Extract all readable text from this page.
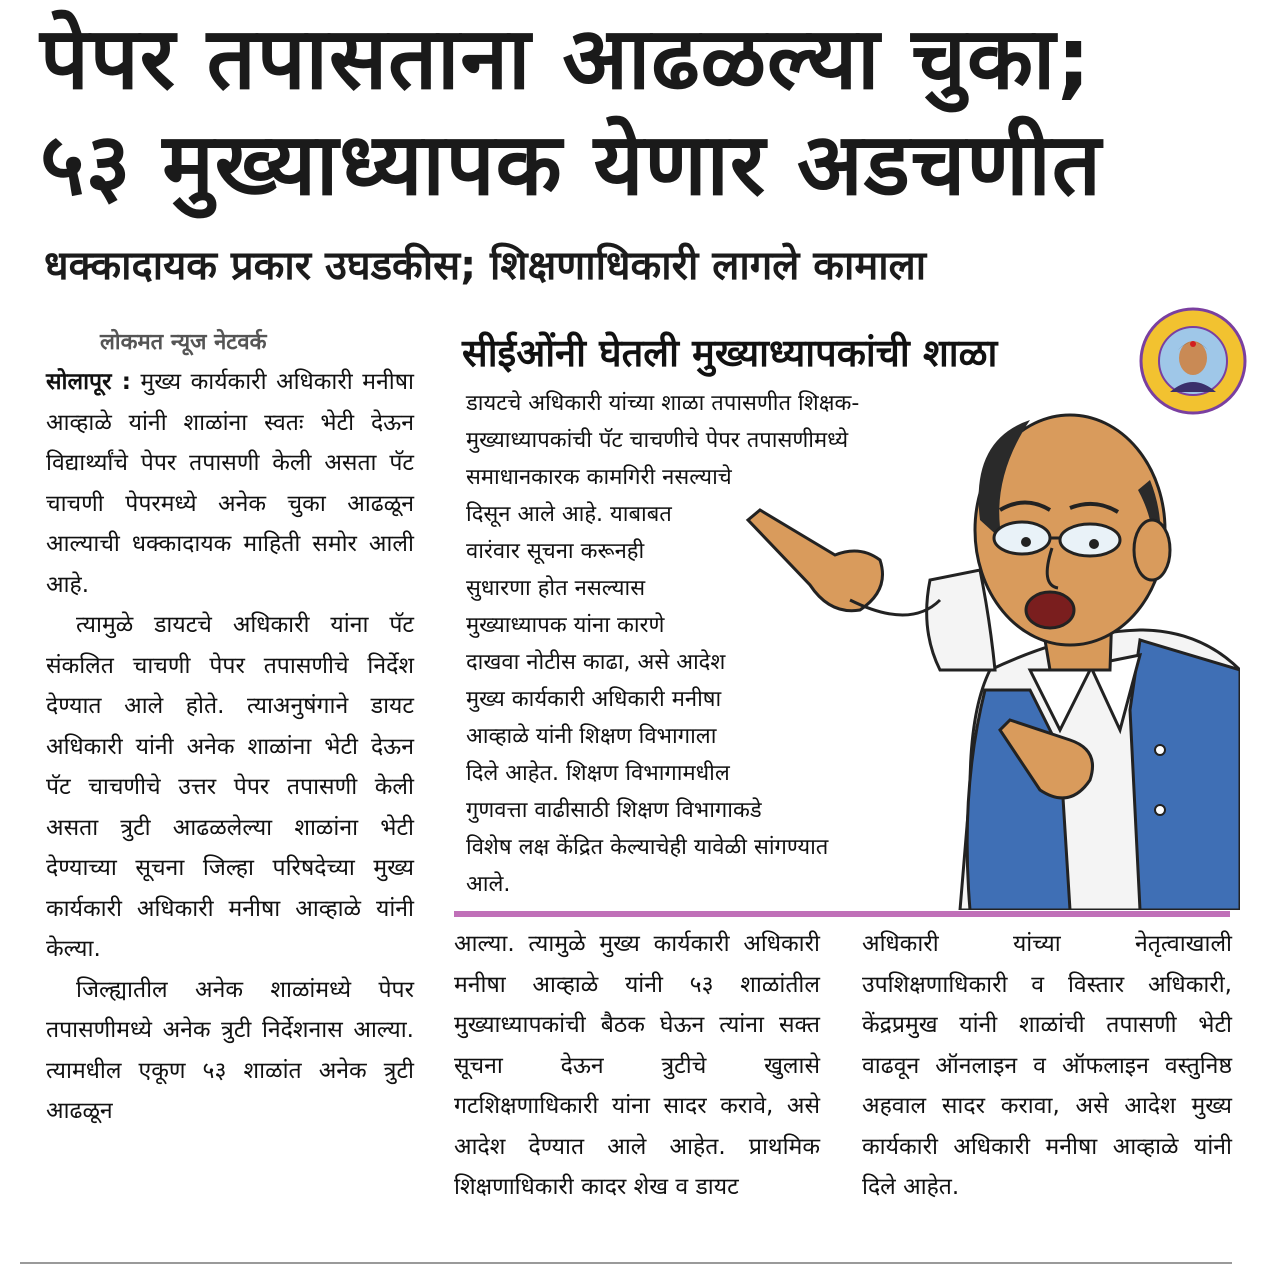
पेपर तपासताना आढळल्या चुका;
५३ मुख्याध्यापक येणार अडचणीत
धक्कादायक प्रकार उघडकीस; शिक्षणाधिकारी लागले कामाला
लोकमत न्यूज नेटवर्क

सोलापूर : मुख्य कार्यकारी अधिकारी मनीषा आव्हाळे यांनी शाळांना स्वतः भेटी देऊन विद्यार्थ्यांचे पेपर तपासणी केली असता पॅट चाचणी पेपरमध्ये अनेक चुका आढळून आल्याची धक्कादायक माहिती समोर आली आहे.

त्यामुळे डायटचे अधिकारी यांना पॅट संकलित चाचणी पेपर तपासणीचे निर्देश देण्यात आले होते. त्याअनुषंगाने डायट अधिकारी यांनी अनेक शाळांना भेटी देऊन पॅट चाचणीचे उत्तर पेपर तपासणी केली असता त्रुटी आढळलेल्या शाळांना भेटी देण्याच्या सूचना जिल्हा परिषदेच्या मुख्य कार्यकारी अधिकारी मनीषा आव्हाळे यांनी केल्या.

जिल्ह्यातील अनेक शाळांमध्ये पेपर तपासणीमध्ये अनेक त्रुटी निर्देशनास आल्या. त्यामधील एकूण ५३ शाळांत अनेक त्रुटी आढळून

सीईओंनी घेतली मुख्याध्यापकांची शाळा
डायटचे अधिकारी यांच्या शाळा तपासणीत शिक्षक-
मुख्याध्यापकांची पॅट चाचणीचे पेपर तपासणीमध्ये
समाधानकारक कामगिरी नसल्याचे
दिसून आले आहे. याबाबत
वारंवार सूचना करूनही
सुधारणा होत नसल्यास
मुख्याध्यापक यांना कारणे
दाखवा नोटीस काढा, असे आदेश
मुख्य कार्यकारी अधिकारी मनीषा
आव्हाळे यांनी शिक्षण विभागाला
दिले आहेत. शिक्षण विभागामधील
गुणवत्ता वाढीसाठी शिक्षण विभागाकडे
विशेष लक्ष केंद्रित केल्याचेही यावेळी सांगण्यात
आले.

आल्या. त्यामुळे मुख्य कार्यकारी अधिकारी मनीषा आव्हाळे यांनी ५३ शाळांतील मुख्याध्यापकांची बैठक घेऊन त्यांना सक्त सूचना देऊन त्रुटीचे खुलासे गटशिक्षणाधिकारी यांना सादर करावे, असे आदेश देण्यात आले आहेत. प्राथमिक शिक्षणाधिकारी कादर शेख व डायट

अधिकारी यांच्या नेतृत्वाखाली उपशिक्षणाधिकारी व विस्तार अधिकारी, केंद्रप्रमुख यांनी शाळांची तपासणी भेटी वाढवून ऑनलाइन व ऑफलाइन वस्तुनिष्ठ अहवाल सादर करावा, असे आदेश मुख्य कार्यकारी अधिकारी मनीषा आव्हाळे यांनी दिले आहेत.
